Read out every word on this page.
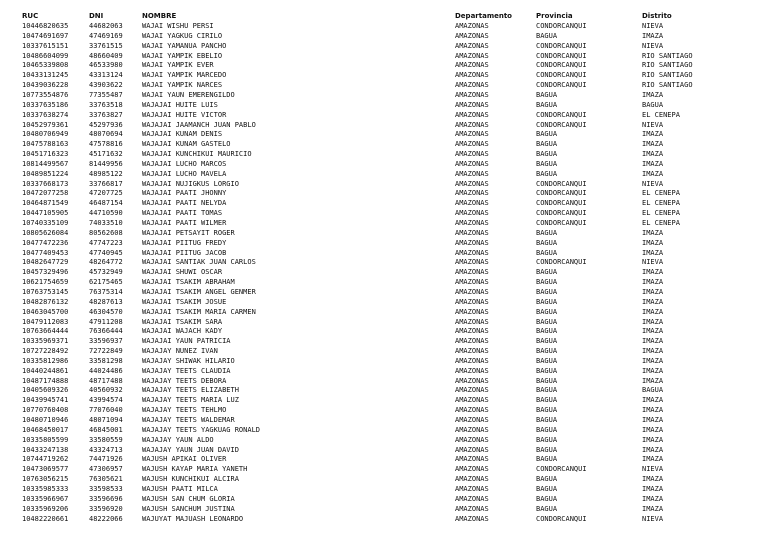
RUC	DNI	NOMBRE	Departamento	Provincia	Distrito
10446820635	44682063	WAJAI WISHU PERSI	AMAZONAS	CONDORCANQUI	NIEVA
10474691697	47469169	WAJAI YAGKUG CIRILO	AMAZONAS	BAGUA	IMAZA
10337615151	33761515	WAJAI YAMANUA PANCHO	AMAZONAS	CONDORCANQUI	NIEVA
10486604099	48660409	WAJAI YAMPIK EBELIO	AMAZONAS	CONDORCANQUI	RIO SANTIAGO
10465339808	46533980	WAJAI YAMPIK EVER	AMAZONAS	CONDORCANQUI	RIO SANTIAGO
10433131245	43313124	WAJAI YAMPIK MARCEDO	AMAZONAS	CONDORCANQUI	RIO SANTIAGO
10439036228	43903622	WAJAI YAMPIK NARCES	AMAZONAS	CONDORCANQUI	RIO SANTIAGO
10773554876	77355487	WAJAI YAUN EMERENGILDO	AMAZONAS	BAGUA	IMAZA
10337635186	33763518	WAJAJAI HUITE LUIS	AMAZONAS	BAGUA	BAGUA
10337638274	33763827	WAJAJAI HUITE VICTOR	AMAZONAS	CONDORCANQUI	EL CENEPA
10452979361	45297936	WAJAJAI JAAMANCH JUAN PABLO	AMAZONAS	CONDORCANQUI	NIEVA
10480706949	48070694	WAJAJAI KUNAM DENIS	AMAZONAS	BAGUA	IMAZA
10475788163	47578816	WAJAJAI KUNAM GASTELO	AMAZONAS	BAGUA	IMAZA
10451716323	45171632	WAJAJAI KUNCHIKUI MAURICIO	AMAZONAS	BAGUA	IMAZA
10814499567	81449956	WAJAJAI LUCHO MARCOS	AMAZONAS	BAGUA	IMAZA
10489851224	48985122	WAJAJAI LUCHO MAVELA	AMAZONAS	BAGUA	IMAZA
10337668173	33766817	WAJAJAI NUJIGKUS LORGIO	AMAZONAS	CONDORCANQUI	NIEVA
10472077258	47207725	WAJAJAI PAATI JHONNY	AMAZONAS	CONDORCANQUI	EL CENEPA
10464871549	46487154	WAJAJAI PAATI NELYDA	AMAZONAS	CONDORCANQUI	EL CENEPA
10447105905	44710590	WAJAJAI PAATI TOMAS	AMAZONAS	CONDORCANQUI	EL CENEPA
10740335109	74033510	WAJAJAI PAATI WILMER	AMAZONAS	CONDORCANQUI	EL CENEPA
10805626084	80562608	WAJAJAI PETSAYIT ROGER	AMAZONAS	BAGUA	IMAZA
10477472236	47747223	WAJAJAI PIITUG FREDY	AMAZONAS	BAGUA	IMAZA
10477409453	47740945	WAJAJAI PIITUG JACOB	AMAZONAS	BAGUA	IMAZA
10482647729	48264772	WAJAJAI SANTIAK JUAN CARLOS	AMAZONAS	CONDORCANQUI	NIEVA
10457329496	45732949	WAJAJAI SHUWI OSCAR	AMAZONAS	BAGUA	IMAZA
10621754659	62175465	WAJAJAI TSAKIM ABRAHAM	AMAZONAS	BAGUA	IMAZA
10763753145	76375314	WAJAJAI TSAKIM ANGEL GENMER	AMAZONAS	BAGUA	IMAZA
10482876132	48287613	WAJAJAI TSAKIM JOSUE	AMAZONAS	BAGUA	IMAZA
10463045700	46304570	WAJAJAI TSAKIM MARIA CARMEN	AMAZONAS	BAGUA	IMAZA
10479112083	47911208	WAJAJAI TSAKIM SARA	AMAZONAS	BAGUA	IMAZA
10763664444	76366444	WAJAJAI WAJACH KADY	AMAZONAS	BAGUA	IMAZA
10335969371	33596937	WAJAJAI YAUN PATRICIA	AMAZONAS	BAGUA	IMAZA
10727228492	72722849	WAJAJAY NUÑEZ IVAN	AMAZONAS	BAGUA	IMAZA
10335812986	33581298	WAJAJAY SHIWAK HILARIO	AMAZONAS	BAGUA	IMAZA
10440244861	44024486	WAJAJAY TEETS CLAUDIA	AMAZONAS	BAGUA	IMAZA
10487174888	48717488	WAJAJAY TEETS DEBORA	AMAZONAS	BAGUA	IMAZA
10405609326	40560932	WAJAJAY TEETS ELIZABETH	AMAZONAS	BAGUA	BAGUA
10439945741	43994574	WAJAJAY TEETS MARIA LUZ	AMAZONAS	BAGUA	IMAZA
10770760408	77076040	WAJAJAY TEETS TEHLMO	AMAZONAS	BAGUA	IMAZA
10480710946	48071094	WAJAJAY TEETS WALDEMAR	AMAZONAS	BAGUA	IMAZA
10468450017	46845001	WAJAJAY TEETS YAGKUAG RONALD	AMAZONAS	BAGUA	IMAZA
10335805599	33580559	WAJAJAY YAUN ALDO	AMAZONAS	BAGUA	IMAZA
10433247138	43324713	WAJAJAY YAUN JUAN DAVID	AMAZONAS	BAGUA	IMAZA
10744719262	74471926	WAJUSH APIKAI OLIVER	AMAZONAS	BAGUA	IMAZA
10473069577	47306957	WAJUSH KAYAP MARIA YANETH	AMAZONAS	CONDORCANQUI	NIEVA
10763056215	76305621	WAJUSH KUNCHIKUI ALCIRA	AMAZONAS	BAGUA	IMAZA
10335985333	33598533	WAJUSH PAATI MILCA	AMAZONAS	BAGUA	IMAZA
10335966967	33596696	WAJUSH SAN CHUM GLORIA	AMAZONAS	BAGUA	IMAZA
10335969206	33596920	WAJUSH SANCHUM JUSTINA	AMAZONAS	BAGUA	IMAZA
10482220661	48222066	WAJUYAT MAJUASH LEONARDO	AMAZONAS	CONDORCANQUI	NIEVA
